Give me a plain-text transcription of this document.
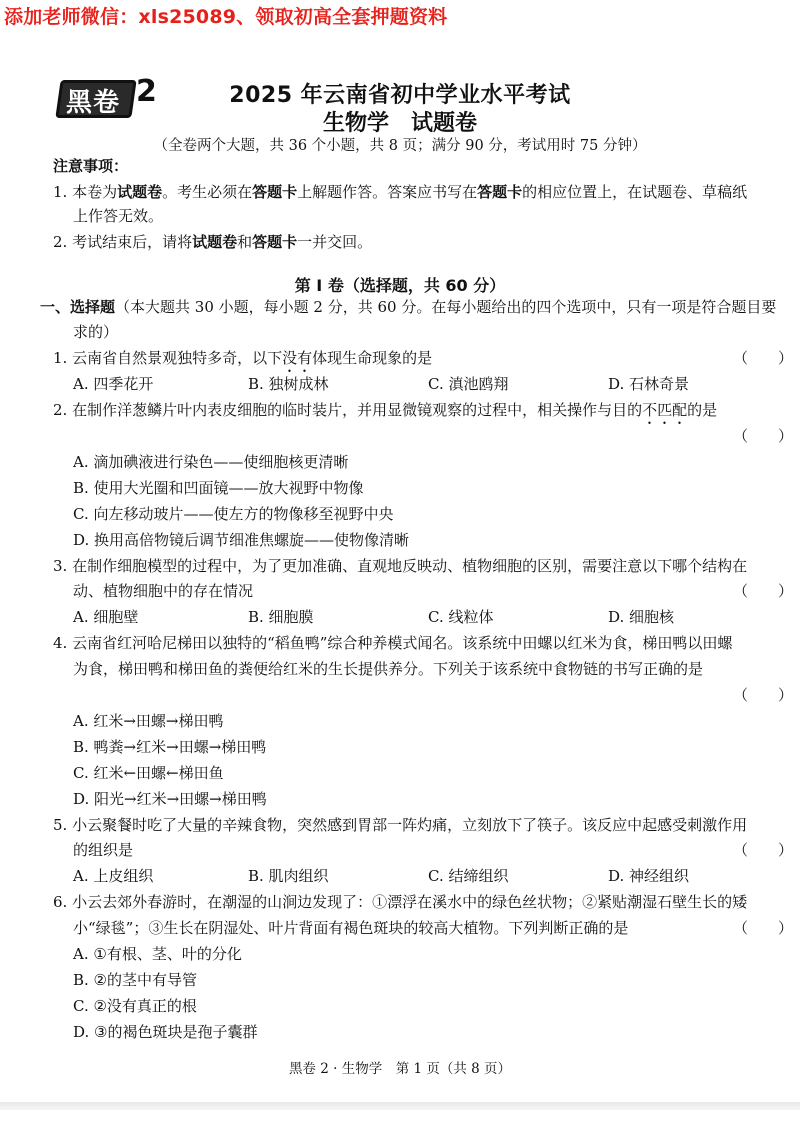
添加老师微信：xls25089、领取初高全套押题资料
黑卷 2	2025 年云南省初中学业水平考试
生物学　试题卷
（全卷两个大题，共 36 个小题，共 8 页；满分 90 分，考试用时 75 分钟）
注意事项：
1. 本卷为试题卷。考生必须在答题卡上解题作答。答案应书写在答题卡的相应位置上，在试题卷、草稿纸
上作答无效。
2. 考试结束后，请将试题卷和答题卡一并交回。
第 Ⅰ 卷（选择题，共 60 分）
一、选择题（本大题共 30 小题，每小题 2 分，共 60 分。在每小题给出的四个选项中，只有一项是符合题目要
求的）
1. 云南省自然景观独特多奇，以下没有体现生命现象的是	（　　）
A. 四季花开	B. 独树成林	C. 滇池鸥翔	D. 石林奇景
2. 在制作洋葱鳞片叶内表皮细胞的临时装片，并用显微镜观察的过程中，相关操作与目的不匹配的是
（　　）
A. 滴加碘液进行染色——使细胞核更清晰
B. 使用大光圈和凹面镜——放大视野中物像
C. 向左移动玻片——使左方的物像移至视野中央
D. 换用高倍物镜后调节细准焦螺旋——使物像清晰
3. 在制作细胞模型的过程中，为了更加准确、直观地反映动、植物细胞的区别，需要注意以下哪个结构在
动、植物细胞中的存在情况	（　　）
A. 细胞壁	B. 细胞膜	C. 线粒体	D. 细胞核
4. 云南省红河哈尼梯田以独特的“稻鱼鸭”综合种养模式闻名。该系统中田螺以红米为食，梯田鸭以田螺
为食，梯田鸭和梯田鱼的粪便给红米的生长提供养分。下列关于该系统中食物链的书写正确的是
（　　）
A. 红米→田螺→梯田鸭
B. 鸭粪→红米→田螺→梯田鸭
C. 红米←田螺←梯田鱼
D. 阳光→红米→田螺→梯田鸭
5. 小云聚餐时吃了大量的辛辣食物，突然感到胃部一阵灼痛，立刻放下了筷子。该反应中起感受刺激作用
的组织是	（　　）
A. 上皮组织	B. 肌肉组织	C. 结缔组织	D. 神经组织
6. 小云去郊外春游时，在潮湿的山涧边发现了：①漂浮在溪水中的绿色丝状物；②紧贴潮湿石壁生长的矮
小“绿毯”；③生长在阴湿处、叶片背面有褐色斑块的较高大植物。下列判断正确的是	（　　）
A. ①有根、茎、叶的分化
B. ②的茎中有导管
C. ②没有真正的根
D. ③的褐色斑块是孢子囊群
黑卷 2 · 生物学　第 1 页（共 8 页）
